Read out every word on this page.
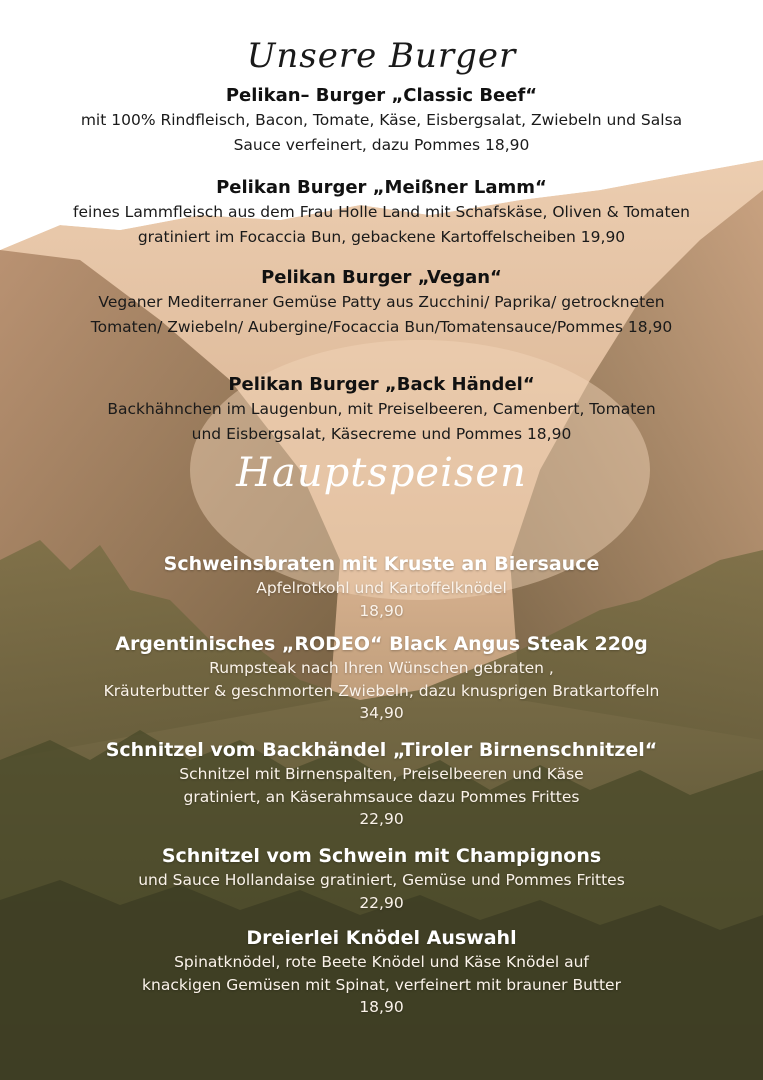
Unsere Burger
Pelikan– Burger „Classic Beef“

mit 100% Rindfleisch, Bacon, Tomate, Käse, Eisbergsalat, Zwiebeln und Salsa

Sauce verfeinert, dazu Pommes 18,90

Pelikan Burger „Meißner Lamm“

feines Lammfleisch aus dem Frau Holle Land mit Schafskäse, Oliven & Tomaten

gratiniert im Focaccia Bun, gebackene Kartoffelscheiben 19,90

Pelikan Burger „Vegan“

Veganer Mediterraner Gemüse Patty aus Zucchini/ Paprika/ getrockneten

Tomaten/ Zwiebeln/ Aubergine/Focaccia Bun/Tomatensauce/Pommes 18,90

Pelikan Burger „Back Händel“

Backhähnchen im Laugenbun, mit Preiselbeeren, Camenbert, Tomaten

und Eisbergsalat, Käsecreme und Pommes 18,90

Hauptspeisen
Schweinsbraten mit Kruste an Biersauce

Apfelrotkohl und Kartoffelknödel

18,90

Argentinisches „RODEO“ Black Angus Steak 220g

Rumpsteak nach Ihren Wünschen gebraten ,

Kräuterbutter & geschmorten Zwiebeln, dazu knusprigen Bratkartoffeln

34,90

Schnitzel vom Backhändel „Tiroler Birnenschnitzel“

Schnitzel mit Birnenspalten, Preiselbeeren und Käse

gratiniert, an Käserahmsauce dazu Pommes Frittes

22,90

Schnitzel vom Schwein mit Champignons

und Sauce Hollandaise gratiniert, Gemüse und Pommes Frittes

22,90

Dreierlei Knödel Auswahl

Spinatknödel, rote Beete Knödel und Käse Knödel auf

knackigen Gemüsen mit Spinat, verfeinert mit brauner Butter

18,90
